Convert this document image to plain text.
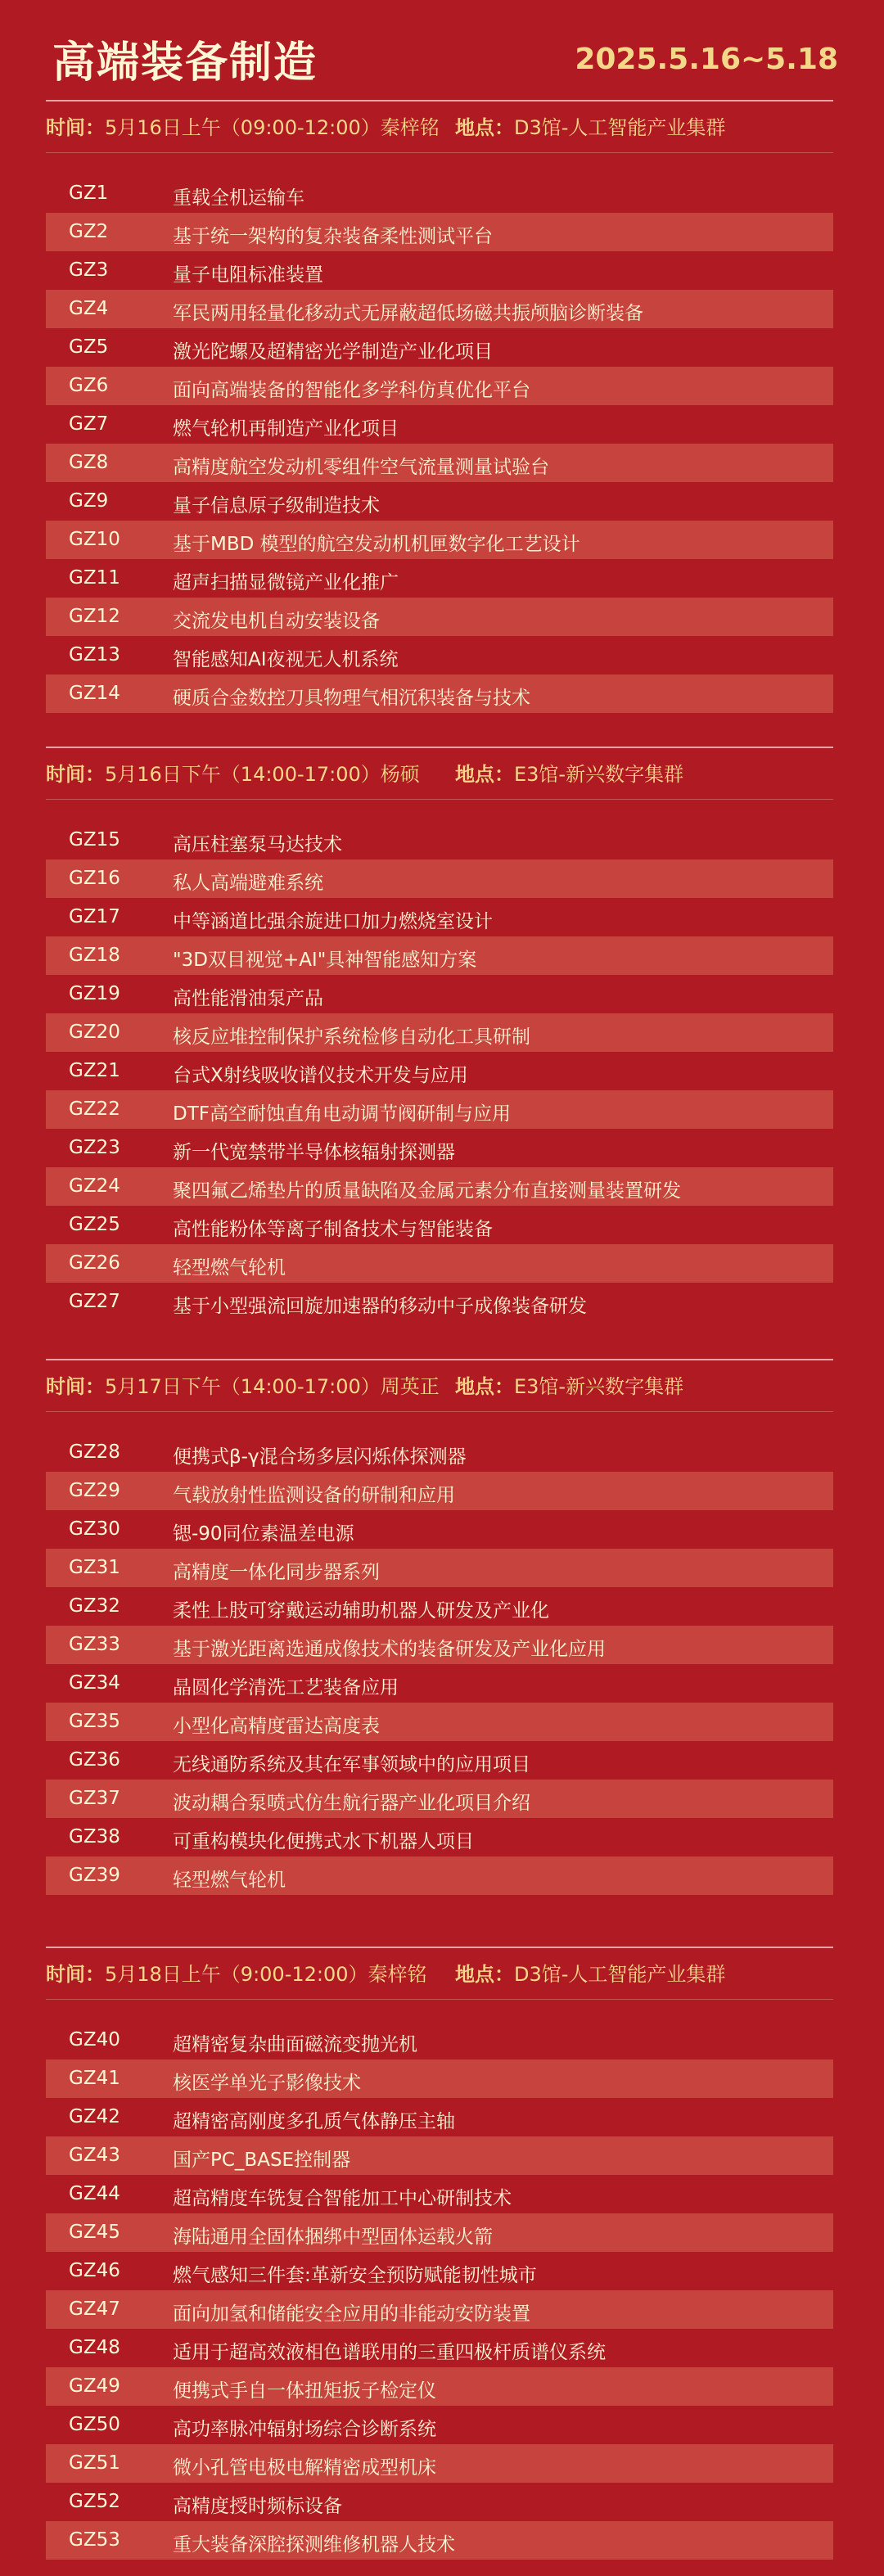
高端装备制造	2025.5.16~5.18
时间：5月16日上午（09:00-12:00）秦梓铭 地点：D3馆-人工智能产业集群
GZ1	重载全机运输车
GZ2	基于统一架构的复杂装备柔性测试平台
GZ3	量子电阻标准装置
GZ4	军民两用轻量化移动式无屏蔽超低场磁共振颅脑诊断装备
GZ5	激光陀螺及超精密光学制造产业化项目
GZ6	面向高端装备的智能化多学科仿真优化平台
GZ7	燃气轮机再制造产业化项目
GZ8	高精度航空发动机零组件空气流量测量试验台
GZ9	量子信息原子级制造技术
GZ10	基于MBD 模型的航空发动机机匣数字化工艺设计
GZ11	超声扫描显微镜产业化推广
GZ12	交流发电机自动安装设备
GZ13	智能感知AI夜视无人机系统
GZ14	硬质合金数控刀具物理气相沉积装备与技术
时间：5月16日下午（14:00-17:00）杨硕 地点：E3馆-新兴数字集群
GZ15	高压柱塞泵马达技术
GZ16	私人高端避难系统
GZ17	中等涵道比强余旋进口加力燃烧室设计
GZ18	"3D双目视觉+AI"具神智能感知方案
GZ19	高性能滑油泵产品
GZ20	核反应堆控制保护系统检修自动化工具研制
GZ21	台式X射线吸收谱仪技术开发与应用
GZ22	DTF高空耐蚀直角电动调节阀研制与应用
GZ23	新一代宽禁带半导体核辐射探测器
GZ24	聚四氟乙烯垫片的质量缺陷及金属元素分布直接测量装置研发
GZ25	高性能粉体等离子制备技术与智能装备
GZ26	轻型燃气轮机
GZ27	基于小型强流回旋加速器的移动中子成像装备研发
时间：5月17日下午（14:00-17:00）周英正 地点：E3馆-新兴数字集群
GZ28	便携式β-γ混合场多层闪烁体探测器
GZ29	气载放射性监测设备的研制和应用
GZ30	锶-90同位素温差电源
GZ31	高精度一体化同步器系列
GZ32	柔性上肢可穿戴运动辅助机器人研发及产业化
GZ33	基于激光距离选通成像技术的装备研发及产业化应用
GZ34	晶圆化学清洗工艺装备应用
GZ35	小型化高精度雷达高度表
GZ36	无线通防系统及其在军事领域中的应用项目
GZ37	波动耦合泵喷式仿生航行器产业化项目介绍
GZ38	可重构模块化便携式水下机器人项目
GZ39	轻型燃气轮机
时间：5月18日上午（9:00-12:00）秦梓铭 地点：D3馆-人工智能产业集群
GZ40	超精密复杂曲面磁流变抛光机
GZ41	核医学单光子影像技术
GZ42	超精密高刚度多孔质气体静压主轴
GZ43	国产PC_BASE控制器
GZ44	超高精度车铣复合智能加工中心研制技术
GZ45	海陆通用全固体捆绑中型固体运载火箭
GZ46	燃气感知三件套:革新安全预防赋能韧性城市
GZ47	面向加氢和储能安全应用的非能动安防装置
GZ48	适用于超高效液相色谱联用的三重四极杆质谱仪系统
GZ49	便携式手自一体扭矩扳子检定仪
GZ50	高功率脉冲辐射场综合诊断系统
GZ51	微小孔管电极电解精密成型机床
GZ52	高精度授时频标设备
GZ53	重大装备深腔探测维修机器人技术
